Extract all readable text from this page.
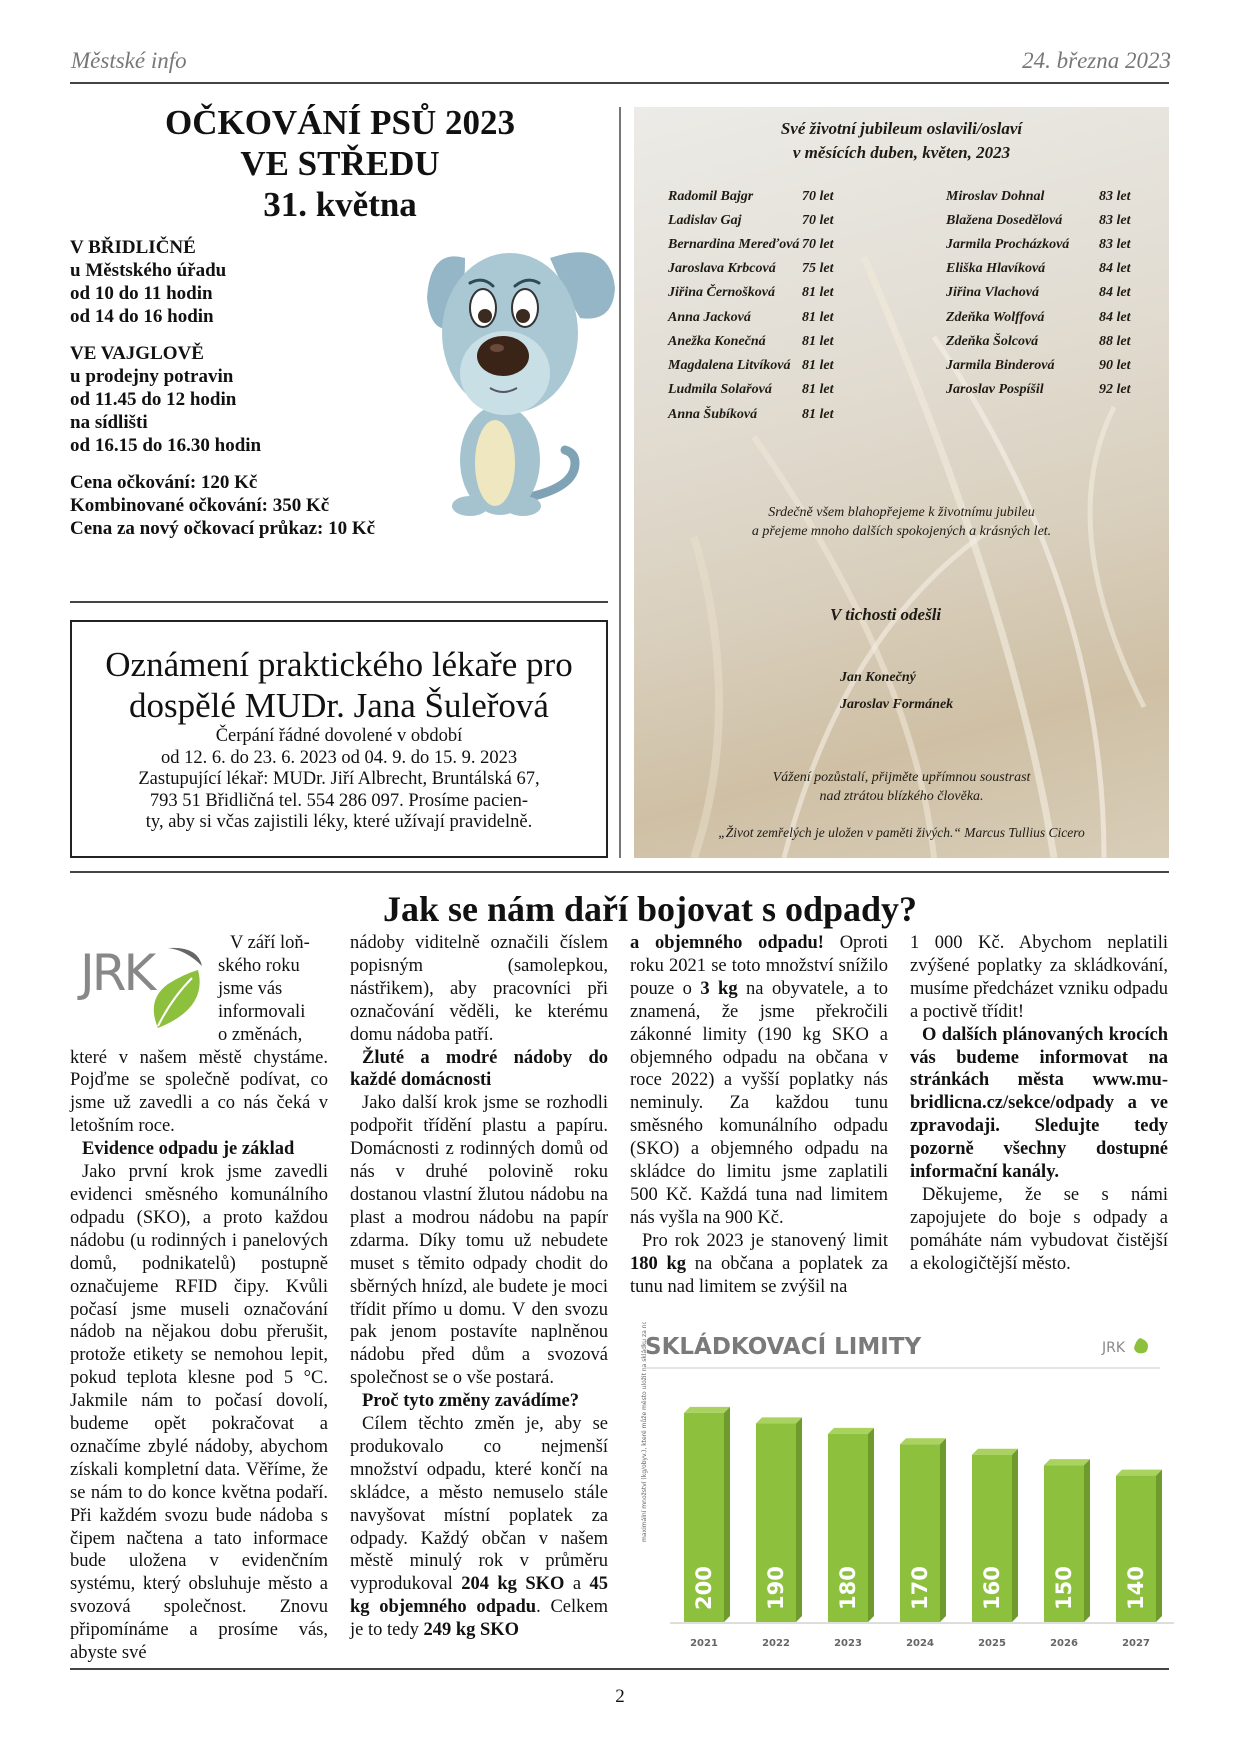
Městské info	24. března 2023
OČKOVÁNÍ PSŮ 2023
VE STŘEDU
31. května
V BŘIDLIČNÉ
u Městského úřadu
od 10 do 11 hodin
od 14 do 16 hodin
VE VAJGLOVĚ
u prodejny potravin
od 11.45 do 12 hodin
na sídlišti
od 16.15 do 16.30 hodin
Cena očkování: 120 Kč
Kombinované očkování: 350 Kč
Cena za nový očkovací průkaz: 10 Kč
Oznámení praktického lékaře pro
dospělé MUDr. Jana Šuleřová
Čerpání řádné dovolené v období
od 12. 6. do 23. 6. 2023 od 04. 9. do 15. 9. 2023
Zastupující lékař: MUDr. Jiří Albrecht, Bruntálská 67,
793 51 Břidličná tel. 554 286 097. Prosíme pacien-
ty, aby si včas zajistili léky, které užívají pravidelně.
Své životní jubileum oslavili/oslaví
v měsících duben, květen, 2023
Radomil Bajgr	70 let
Ladislav Gaj	70 let
Bernardina Mereďová 70 let
Jaroslava Krbcová 75 let
Jiřina Černošková 81 let
Anna Jacková	81 let
Anežka Konečná	81 let
Magdalena Litvíková 81 let
Ludmila Solařová 81 let
Anna Šubíková	81 let
Miroslav Dohnal	83 let
Blažena Dosedělová	83 let
Jarmila Procházková 83 let
Eliška Hlavíková	84 let
Jiřina Vlachová	84 let
Zdeňka Wolffová	84 let
Zdeňka Šolcová	88 let
Jarmila Binderová	90 let
Jaroslav Pospíšil	92 let
Srdečně všem blahopřejeme k životnímu jubileu
a přejeme mnoho dalších spokojených a krásných let.
V tichosti odešli
Jan Konečný
Jaroslav Formánek
Vážení pozůstalí, přijměte upřímnou soustrast
nad ztrátou blízkého člověka.
„Život zemřelých je uložen v paměti živých.“ Marcus Tullius Cicero
Jak se nám daří bojovat s odpady?
JRK
V září loň-
ského roku
jsme vás
informovali
o změnách,

které v našem městě chystáme. Pojďme se společně podívat, co jsme už zavedli a co nás čeká v letošním roce.

Evidence odpadu je základ

Jako první krok jsme zavedli evidenci směsného komunálního odpadu (SKO), a proto každou nádobu (u rodinných i panelových domů, podnikatelů) postupně označujeme RFID čipy. Kvůli počasí jsme museli označování nádob na nějakou dobu přerušit, protože etikety se nemohou lepit, pokud teplota klesne pod 5 °C. Jakmile nám to počasí dovolí, budeme opět pokračovat a označíme zbylé nádoby, abychom získali kompletní data. Věříme, že se nám to do konce května podaří. Při každém svozu bude nádoba s čipem načtena a tato informace bude uložena v evidenčním systému, který obsluhuje město a svozová společnost. Znovu připomínáme a prosíme vás, abyste své

nádoby viditelně označili číslem popisným (samolepkou, nástřikem), aby pracovníci při označování věděli, ke kterému domu nádoba patří.

Žluté a modré nádoby do každé domácnosti

Jako další krok jsme se rozhodli podpořit třídění plastu a papíru. Domácnosti z rodinných domů od nás v druhé polovině roku dostanou vlastní žlutou nádobu na plast a modrou nádobu na papír zdarma. Díky tomu už nebudete muset s těmito odpady chodit do sběrných hnízd, ale budete je moci třídit přímo u domu. V den svozu pak jenom postavíte naplněnou nádobu před dům a svozová společnost se o vše postará.

Proč tyto změny zavádíme?

Cílem těchto změn je, aby se produkovalo co nejmenší množství odpadu, které končí na skládce, a město nemuselo stále navyšovat místní poplatek za odpady. Každý občan v našem městě minulý rok v průměru vyprodukoval 204 kg SKO a 45 kg objemného odpadu. Celkem je to tedy 249 kg SKO

a objemného odpadu! Oproti roku 2021 se toto množství snížilo pouze o 3 kg na obyvatele, a to znamená, že jsme překročili zákonné limity (190 kg SKO a objemného odpadu na občana v roce 2022) a vyšší poplatky nás neminuly. Za každou tunu směsného komunálního odpadu (SKO) a objemného odpadu na skládce do limitu jsme zaplatili 500 Kč. Každá tuna nad limitem nás vyšla na 900 Kč.

Pro rok 2023 je stanovený limit 180 kg na občana a poplatek za tunu nad limitem se zvýšil na

1 000 Kč. Abychom neplatili zvýšené poplatky za skládkování, musíme předcházet vzniku odpadu a poctivě třídit!

O dalších plánovaných krocích vás budeme informovat na stránkách města www.mu-bridlicna.cz/sekce/odpady a ve zpravodaji. Sledujte tedy pozorně všechny dostupné informační kanály.

Děkujeme, že se s námi zapojujete do boje s odpady a pomáháte nám vybudovat čistější a ekologičtější město.

SKLÁDKOVACÍ LIMITY	JRK
maximální množství (kg/obyv.), které může město uložit na skládku za normálnější poplatek
200
2021
190
2022
180
2023
170
2024
160
2025
150
2026
140
2027
2
